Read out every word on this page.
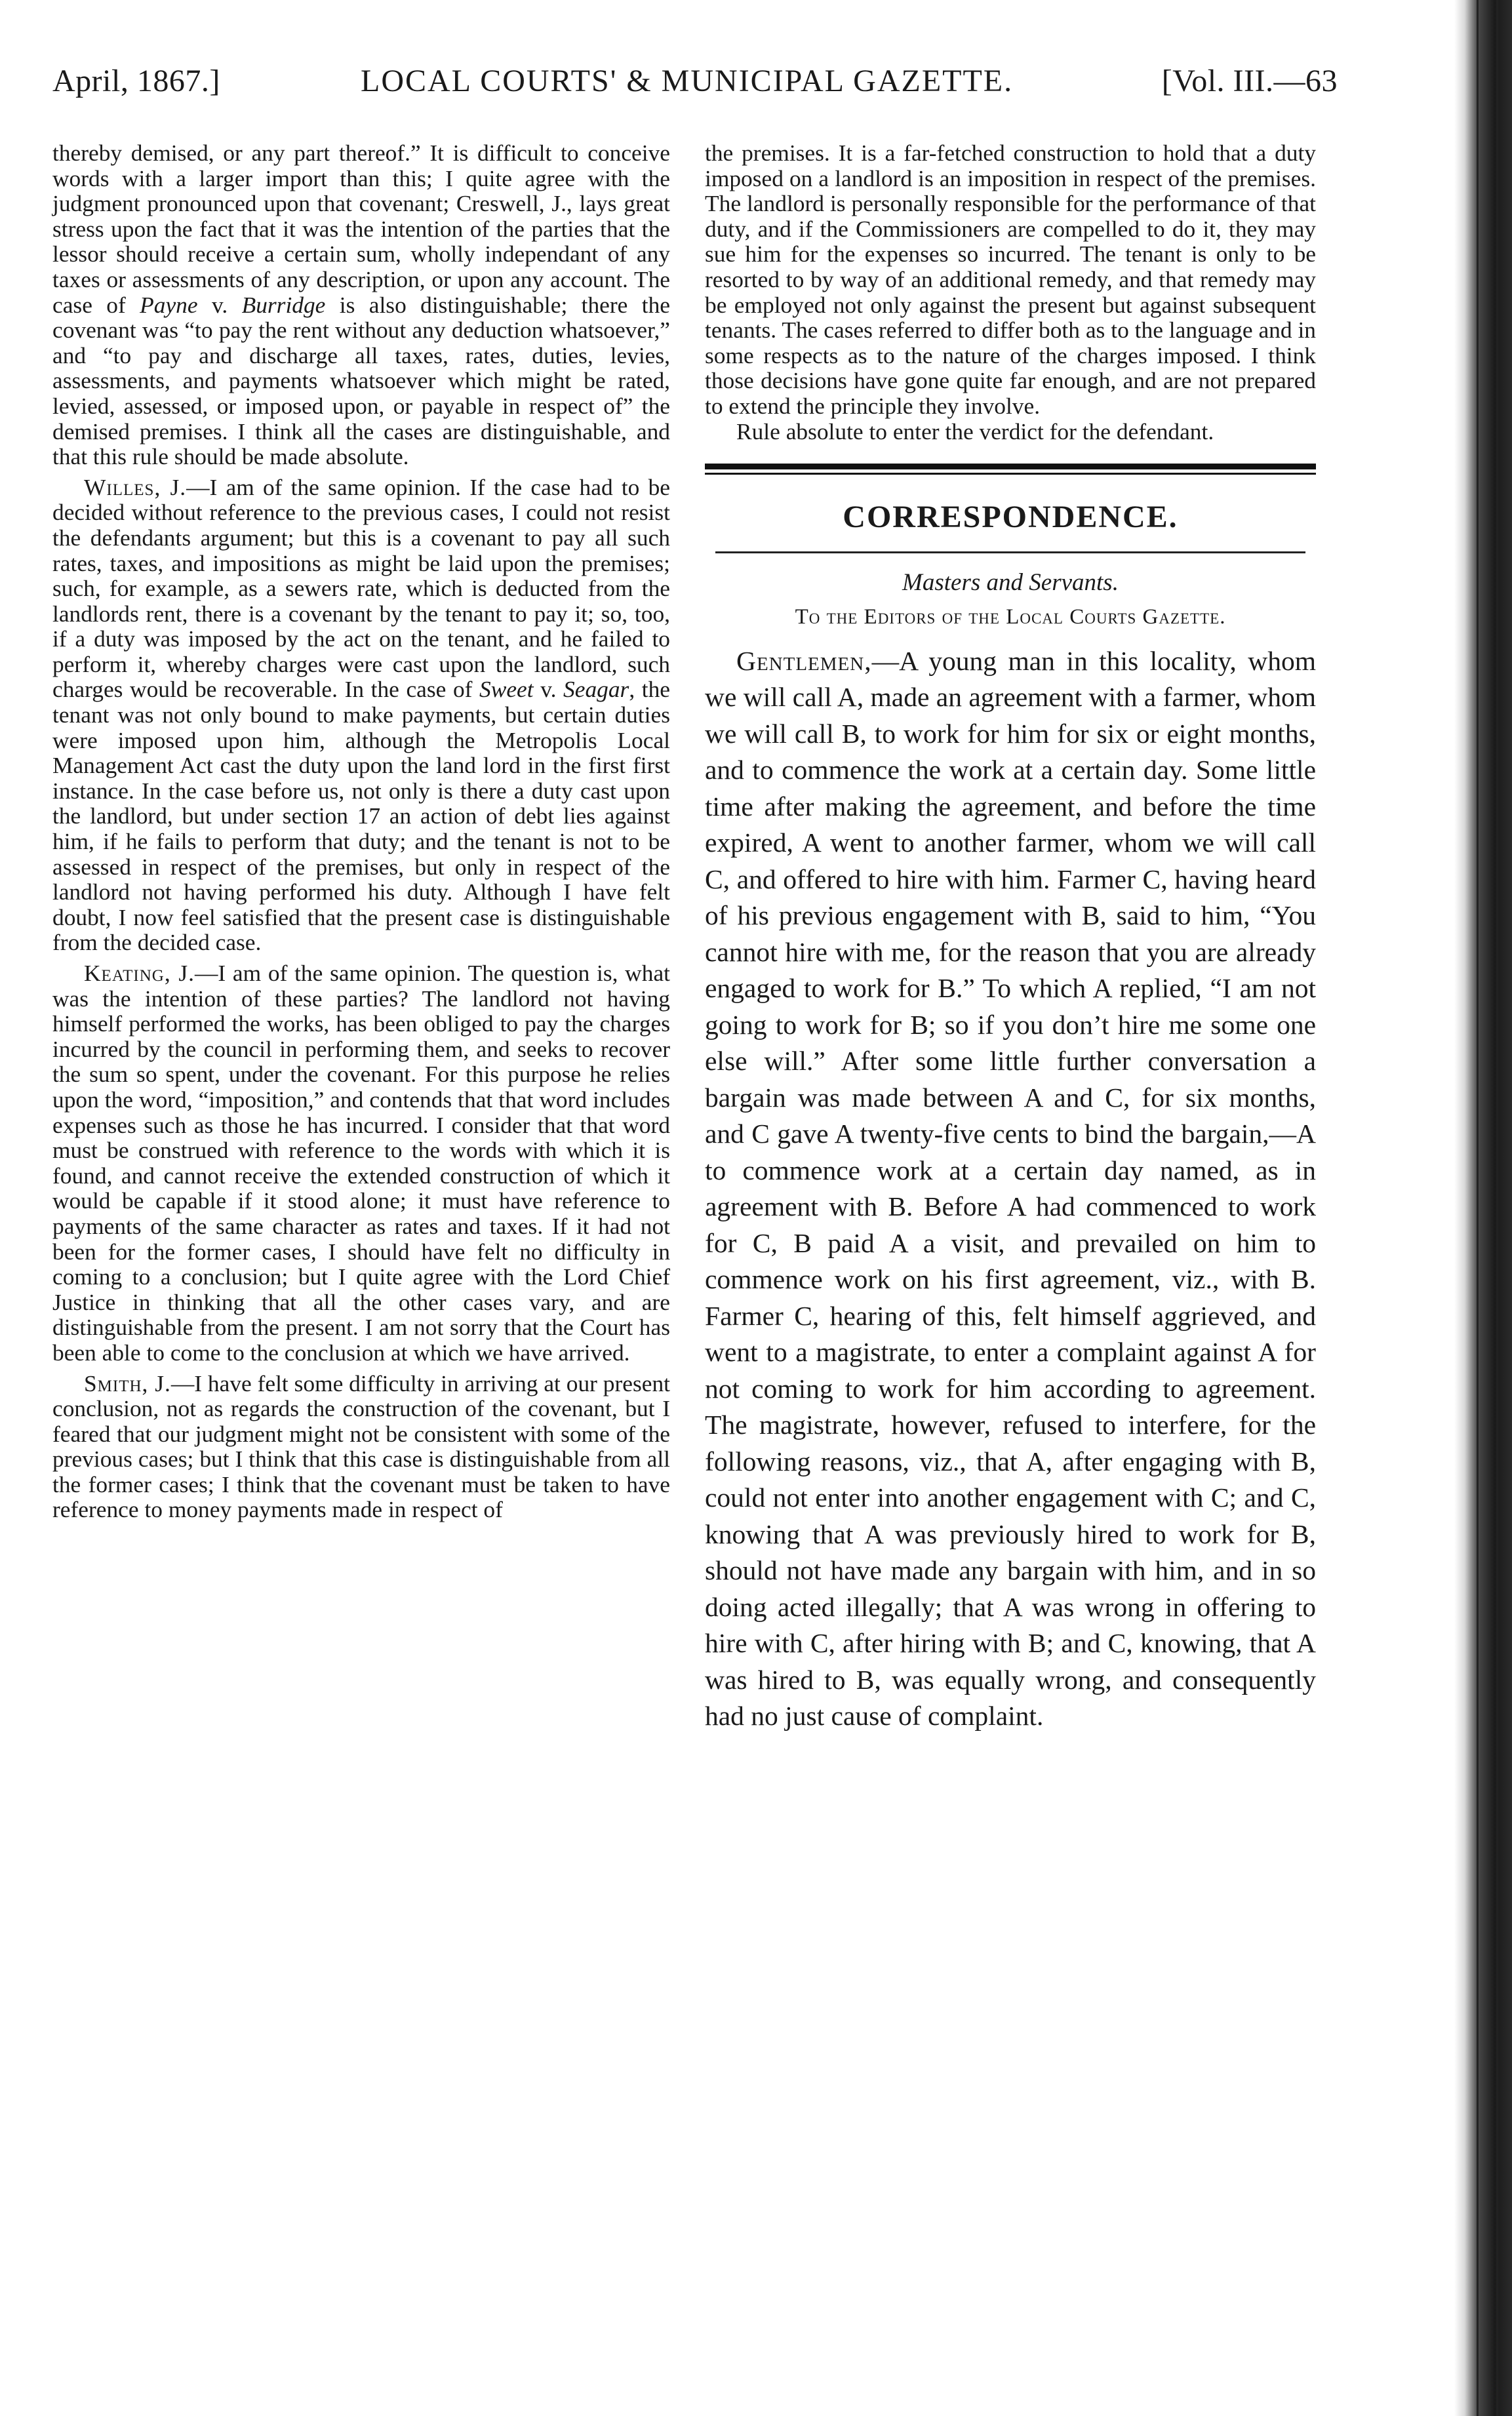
April, 1867.]	LOCAL COURTS' & MUNICIPAL GAZETTE.	[Vol. III.—63

thereby demised, or any part thereof.” It is difficult to conceive words with a larger import than this; I quite agree with the judgment pronounced upon that covenant; Creswell, J., lays great stress upon the fact that it was the intention of the parties that the lessor should receive a certain sum, wholly independant of any taxes or assessments of any description, or upon any account. The case of Payne v. Burridge is also distinguishable; there the covenant was “to pay the rent without any deduction whatsoever,” and “to pay and discharge all taxes, rates, duties, levies, assessments, and payments whatsoever which might be rated, levied, assessed, or imposed upon, or payable in respect of” the demised premises. I think all the cases are distinguishable, and that this rule should be made absolute.

Willes, J.—I am of the same opinion. If the case had to be decided without reference to the previous cases, I could not resist the defendants argument; but this is a covenant to pay all such rates, taxes, and impositions as might be laid upon the premises; such, for example, as a sewers rate, which is deducted from the landlords rent, there is a covenant by the tenant to pay it; so, too, if a duty was imposed by the act on the tenant, and he failed to perform it, whereby charges were cast upon the landlord, such charges would be recoverable. In the case of Sweet v. Seagar, the tenant was not only bound to make payments, but certain duties were imposed upon him, although the Metropolis Local Management Act cast the duty upon the land lord in the first first instance. In the case before us, not only is there a duty cast upon the landlord, but under section 17 an action of debt lies against him, if he fails to perform that duty; and the tenant is not to be assessed in respect of the premises, but only in respect of the landlord not having performed his duty. Although I have felt doubt, I now feel satisfied that the present case is distinguishable from the decided case.

Keating, J.—I am of the same opinion. The question is, what was the intention of these parties? The landlord not having himself performed the works, has been obliged to pay the charges incurred by the council in performing them, and seeks to recover the sum so spent, under the covenant. For this purpose he relies upon the word, “imposition,” and contends that that word includes expenses such as those he has incurred. I consider that that word must be construed with reference to the words with which it is found, and cannot receive the extended construction of which it would be capable if it stood alone; it must have reference to payments of the same character as rates and taxes. If it had not been for the former cases, I should have felt no difficulty in coming to a conclusion; but I quite agree with the Lord Chief Justice in thinking that all the other cases vary, and are distinguishable from the present. I am not sorry that the Court has been able to come to the conclusion at which we have arrived.

Smith, J.—I have felt some difficulty in arriving at our present conclusion, not as regards the construction of the covenant, but I feared that our judgment might not be consistent with some of the previous cases; but I think that this case is distinguishable from all the former cases; I think that the covenant must be taken to have reference to money payments made in respect of

the premises. It is a far-fetched construction to hold that a duty imposed on a landlord is an imposition in respect of the premises. The landlord is personally responsible for the performance of that duty, and if the Commissioners are compelled to do it, they may sue him for the expenses so incurred. The tenant is only to be resorted to by way of an additional remedy, and that remedy may be employed not only against the present but against subsequent tenants. The cases referred to differ both as to the language and in some respects as to the nature of the charges imposed. I think those decisions have gone quite far enough, and are not prepared to extend the principle they involve.

Rule absolute to enter the verdict for the defendant.

CORRESPONDENCE.
Masters and Servants.
To the Editors of the Local Courts Gazette.

Gentlemen,—A young man in this locality, whom we will call A, made an agreement with a farmer, whom we will call B, to work for him for six or eight months, and to commence the work at a certain day. Some little time after making the agreement, and before the time expired, A went to another farmer, whom we will call C, and offered to hire with him. Farmer C, having heard of his previous engagement with B, said to him, “You cannot hire with me, for the reason that you are already engaged to work for B.” To which A replied, “I am not going to work for B; so if you don’t hire me some one else will.” After some little further conversation a bargain was made between A and C, for six months, and C gave A twenty-five cents to bind the bargain,—A to commence work at a certain day named, as in agreement with B. Before A had commenced to work for C, B paid A a visit, and prevailed on him to commence work on his first agreement, viz., with B. Farmer C, hearing of this, felt himself aggrieved, and went to a magistrate, to enter a complaint against A for not coming to work for him according to agreement. The magistrate, however, refused to interfere, for the following reasons, viz., that A, after engaging with B, could not enter into another engagement with C; and C, knowing that A was previously hired to work for B, should not have made any bargain with him, and in so doing acted illegally; that A was wrong in offering to hire with C, after hiring with B; and C, knowing, that A was hired to B, was equally wrong, and consequently had no just cause of complaint.
